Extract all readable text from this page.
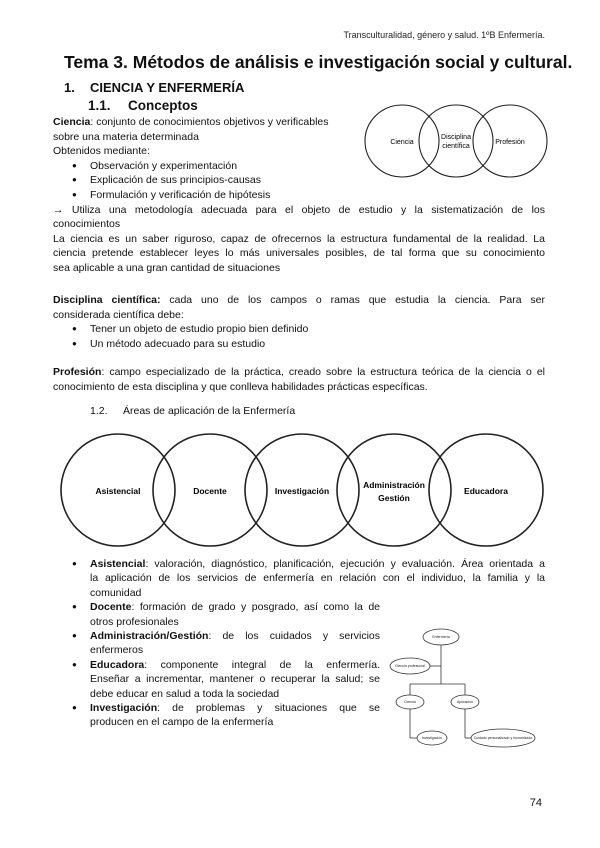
Transculturalidad, género y salud. 1ºB Enfermería.
Tema 3. Métodos de análisis e investigación social y cultural.
1. CIENCIA Y ENFERMERÍA
1.1. Conceptos
Ciencia: conjunto de conocimientos objetivos y verificables
sobre una materia determinada
Obtenidos mediante:
● Observación y experimentación
● Explicación de sus principios-causas
● Formulación y verificación de hipótesis
→ Utiliza una metodología adecuada para el objeto de estudio y la sistematización de los
conocimientos
La ciencia es un saber riguroso, capaz de ofrecernos la estructura fundamental de la realidad. La
ciencia pretende establecer leyes lo más universales posibles, de tal forma que su conocimiento
sea aplicable a una gran cantidad de situaciones
Ciencia
Disciplina
científica
Profesión
Disciplina científica: cada uno de los campos o ramas que estudia la ciencia. Para ser
considerada científica debe:
● Tener un objeto de estudio propio bien definido
● Un método adecuado para su estudio
Profesión: campo especializado de la práctica, creado sobre la estructura teórica de la ciencia o el
conocimiento de esta disciplina y que conlleva habilidades prácticas específicas.
1.2. Áreas de aplicación de la Enfermería
Asistencial	Docente	Investigación
Administración
Gestión
Educadora
● Asistencial: valoración, diagnóstico, planificación, ejecución y evaluación. Área orientada a
la aplicación de los servicios de enfermería en relación con el individuo, la familia y la
comunidad
● Docente: formación de grado y posgrado, así como la de
otros profesionales
● Administración/Gestión: de los cuidados y servicios
enfermeros
● Educadora: componente integral de la enfermería.
Enseñar a incrementar, mantener o recuperar la salud; se
debe educar en salud a toda la sociedad
● Investigación: de problemas y situaciones que se
producen en el campo de la enfermería
Enfermería
Ciencia profesional
Ciencia	Aplicación
Investigación	Cuidado personalizado y humanizado
74
